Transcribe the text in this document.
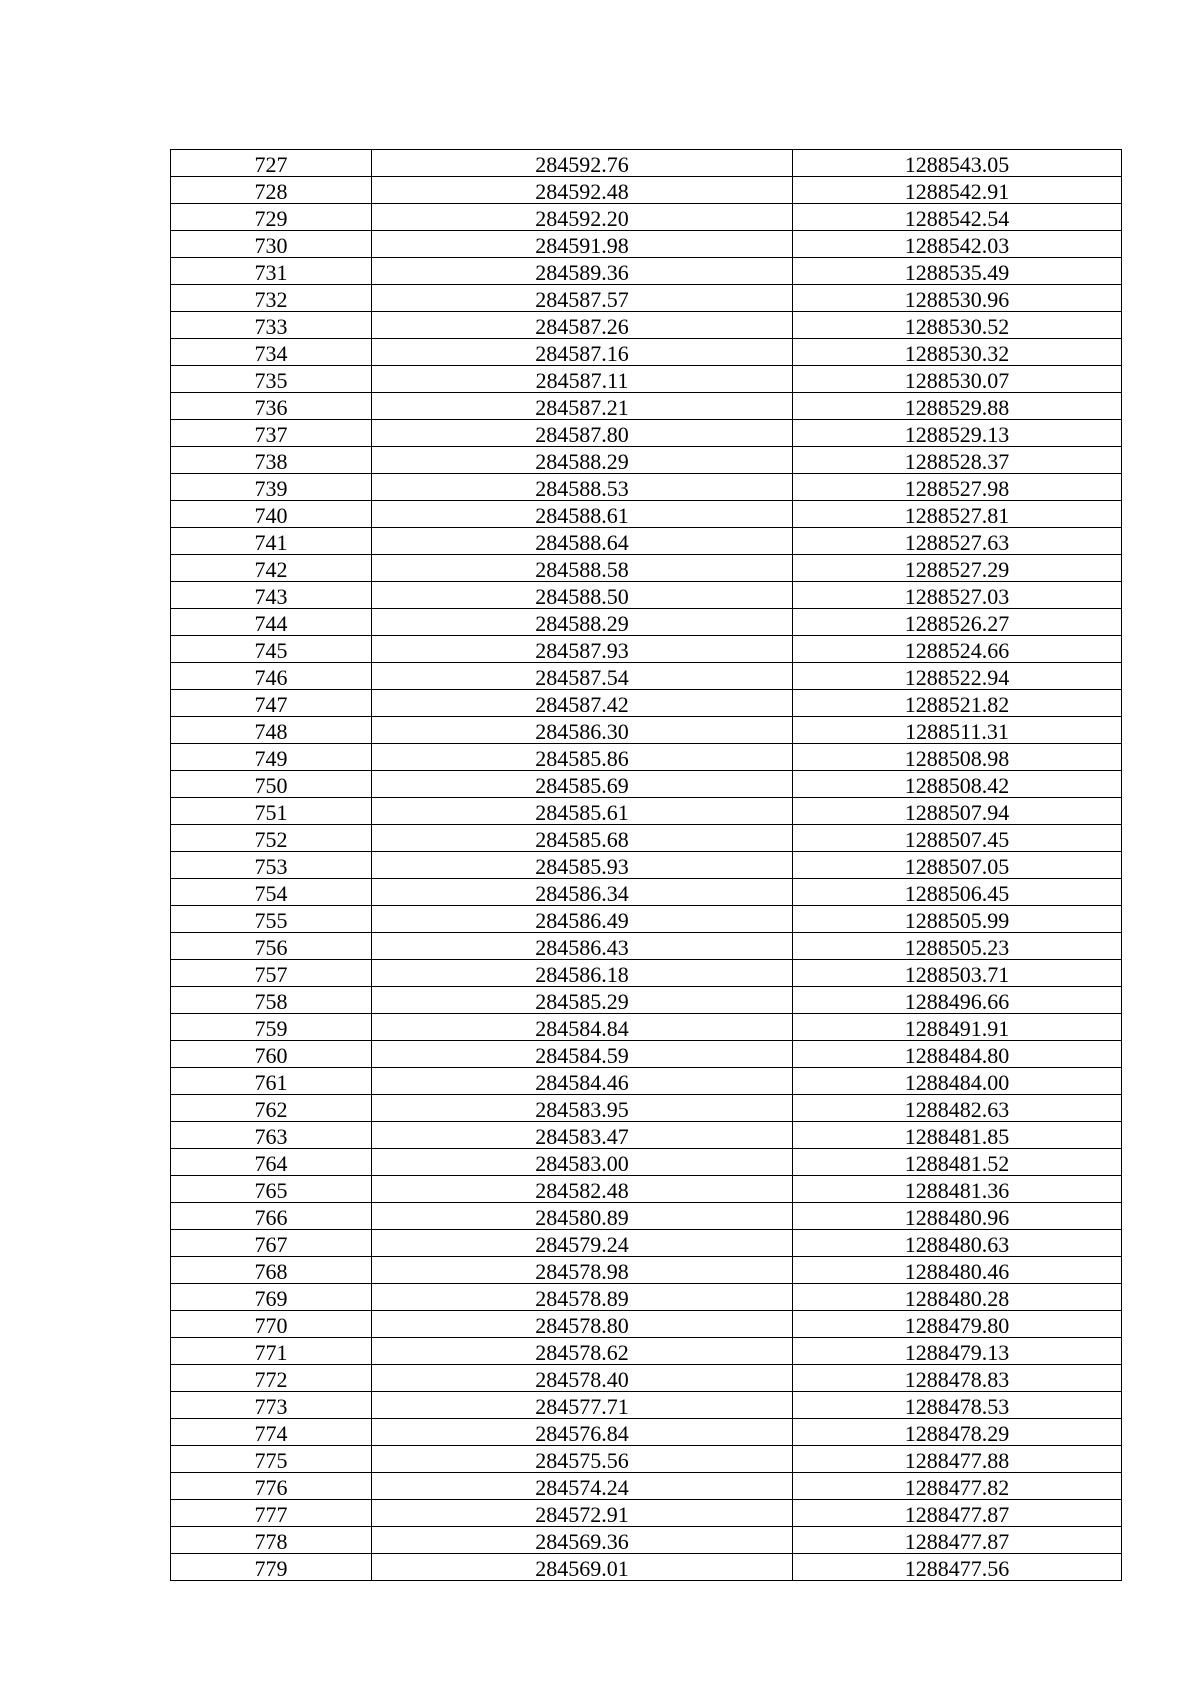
727	284592.76	1288543.05
728	284592.48	1288542.91
729	284592.20	1288542.54
730	284591.98	1288542.03
731	284589.36	1288535.49
732	284587.57	1288530.96
733	284587.26	1288530.52
734	284587.16	1288530.32
735	284587.11	1288530.07
736	284587.21	1288529.88
737	284587.80	1288529.13
738	284588.29	1288528.37
739	284588.53	1288527.98
740	284588.61	1288527.81
741	284588.64	1288527.63
742	284588.58	1288527.29
743	284588.50	1288527.03
744	284588.29	1288526.27
745	284587.93	1288524.66
746	284587.54	1288522.94
747	284587.42	1288521.82
748	284586.30	1288511.31
749	284585.86	1288508.98
750	284585.69	1288508.42
751	284585.61	1288507.94
752	284585.68	1288507.45
753	284585.93	1288507.05
754	284586.34	1288506.45
755	284586.49	1288505.99
756	284586.43	1288505.23
757	284586.18	1288503.71
758	284585.29	1288496.66
759	284584.84	1288491.91
760	284584.59	1288484.80
761	284584.46	1288484.00
762	284583.95	1288482.63
763	284583.47	1288481.85
764	284583.00	1288481.52
765	284582.48	1288481.36
766	284580.89	1288480.96
767	284579.24	1288480.63
768	284578.98	1288480.46
769	284578.89	1288480.28
770	284578.80	1288479.80
771	284578.62	1288479.13
772	284578.40	1288478.83
773	284577.71	1288478.53
774	284576.84	1288478.29
775	284575.56	1288477.88
776	284574.24	1288477.82
777	284572.91	1288477.87
778	284569.36	1288477.87
779	284569.01	1288477.56
